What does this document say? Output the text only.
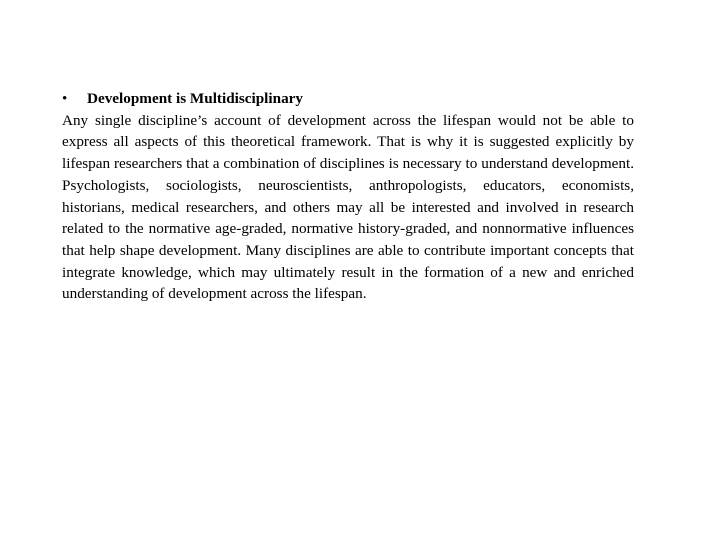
• Development is Multidisciplinary

Any single discipline’s account of development across the lifespan would not be able to express all aspects of this theoretical framework. That is why it is suggested explicitly by lifespan researchers that a combination of disciplines is necessary to understand development. Psychologists, sociologists, neuroscientists, anthropologists, educators, economists, historians, medical researchers, and others may all be interested and involved in research related to the normative age-graded, normative history-graded, and nonnormative influences that help shape development. Many disciplines are able to contribute important concepts that integrate knowledge, which may ultimately result in the formation of a new and enriched understanding of development across the lifespan.
